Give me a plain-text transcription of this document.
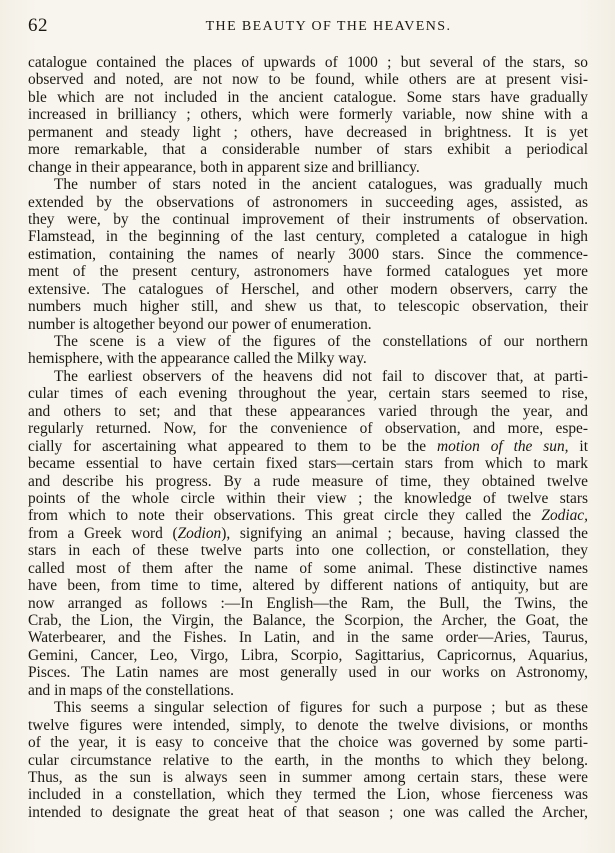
62	THE BEAUTY OF THE HEAVENS.
catalogue contained the places of upwards of 1000 ; but several of the stars, so
observed and noted, are not now to be found, while others are at present visi-
ble which are not included in the ancient catalogue. Some stars have gradually
increased in brilliancy ; others, which were formerly variable, now shine with a
permanent and steady light ; others, have decreased in brightness. It is yet
more remarkable, that a considerable number of stars exhibit a periodical
change in their appearance, both in apparent size and brilliancy.
The number of stars noted in the ancient catalogues, was gradually much
extended by the observations of astronomers in succeeding ages, assisted, as
they were, by the continual improvement of their instruments of observation.
Flamstead, in the beginning of the last century, completed a catalogue in high
estimation, containing the names of nearly 3000 stars. Since the commence-
ment of the present century, astronomers have formed catalogues yet more
extensive. The catalogues of Herschel, and other modern observers, carry the
numbers much higher still, and shew us that, to telescopic observation, their
number is altogether beyond our power of enumeration.
The scene is a view of the figures of the constellations of our northern
hemisphere, with the appearance called the Milky way.
The earliest observers of the heavens did not fail to discover that, at parti-
cular times of each evening throughout the year, certain stars seemed to rise,
and others to set; and that these appearances varied through the year, and
regularly returned. Now, for the convenience of observation, and more, espe-
cially for ascertaining what appeared to them to be the motion of the sun, it
became essential to have certain fixed stars—certain stars from which to mark
and describe his progress. By a rude measure of time, they obtained twelve
points of the whole circle within their view ; the knowledge of twelve stars
from which to note their observations. This great circle they called the Zodiac,
from a Greek word (Zodion), signifying an animal ; because, having classed the
stars in each of these twelve parts into one collection, or constellation, they
called most of them after the name of some animal. These distinctive names
have been, from time to time, altered by different nations of antiquity, but are
now arranged as follows :—In English—the Ram, the Bull, the Twins, the
Crab, the Lion, the Virgin, the Balance, the Scorpion, the Archer, the Goat, the
Waterbearer, and the Fishes. In Latin, and in the same order—Aries, Taurus,
Gemini, Cancer, Leo, Virgo, Libra, Scorpio, Sagittarius, Capricornus, Aquarius,
Pisces. The Latin names are most generally used in our works on Astronomy,
and in maps of the constellations.
This seems a singular selection of figures for such a purpose ; but as these
twelve figures were intended, simply, to denote the twelve divisions, or months
of the year, it is easy to conceive that the choice was governed by some parti-
cular circumstance relative to the earth, in the months to which they belong.
Thus, as the sun is always seen in summer among certain stars, these were
included in a constellation, which they termed the Lion, whose fierceness was
intended to designate the great heat of that season ; one was called the Archer,
